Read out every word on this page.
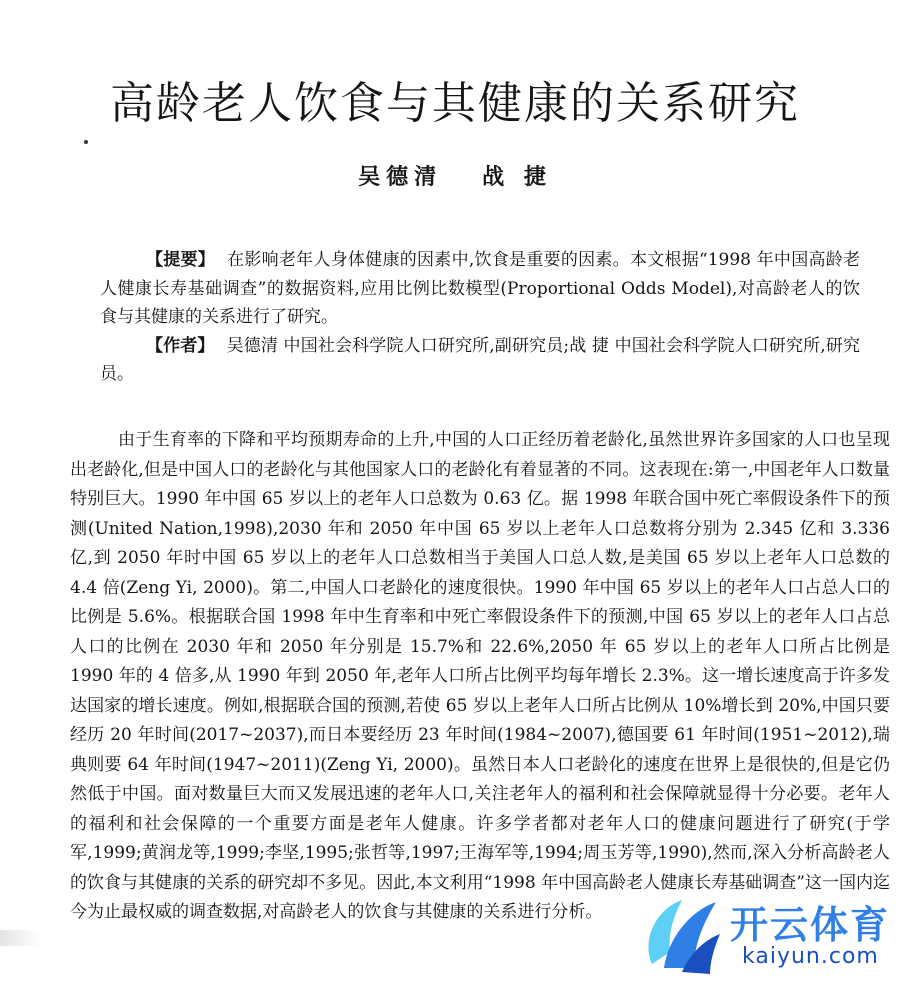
高龄老人饮食与其健康的关系研究
吴德清 战 捷

【提要】 在影响老年人身体健康的因素中,饮食是重要的因素。本文根据“1998 年中国高龄老人健康长寿基础调查”的数据资料,应用比例比数模型(Proportional Odds Model),对高龄老人的饮食与其健康的关系进行了研究。

【作者】 吴德清 中国社会科学院人口研究所,副研究员;战 捷 中国社会科学院人口研究所,研究员。

由于生育率的下降和平均预期寿命的上升,中国的人口正经历着老龄化,虽然世界许多国家的人口也呈现出老龄化,但是中国人口的老龄化与其他国家人口的老龄化有着显著的不同。这表现在:第一,中国老年人口数量特别巨大。1990 年中国 65 岁以上的老年人口总数为 0.63 亿。据 1998 年联合国中死亡率假设条件下的预测(United Nation,1998),2030 年和 2050 年中国 65 岁以上老年人口总数将分别为 2.345 亿和 3.336 亿,到 2050 年时中国 65 岁以上的老年人口总数相当于美国人口总人数,是美国 65 岁以上老年人口总数的 4.4 倍(Zeng Yi, 2000)。第二,中国人口老龄化的速度很快。1990 年中国 65 岁以上的老年人口占总人口的比例是 5.6%。根据联合国 1998 年中生育率和中死亡率假设条件下的预测,中国 65 岁以上的老年人口占总人口的比例在 2030 年和 2050 年分别是 15.7%和 22.6%,2050 年 65 岁以上的老年人口所占比例是 1990 年的 4 倍多,从 1990 年到 2050 年,老年人口所占比例平均每年增长 2.3%。这一增长速度高于许多发达国家的增长速度。例如,根据联合国的预测,若使 65 岁以上老年人口所占比例从 10%增长到 20%,中国只要经历 20 年时间(2017~2037),而日本要经历 23 年时间(1984~2007),德国要 61 年时间(1951~2012),瑞典则要 64 年时间(1947~2011)(Zeng Yi, 2000)。虽然日本人口老龄化的速度在世界上是很快的,但是它仍然低于中国。面对数量巨大而又发展迅速的老年人口,关注老年人的福利和社会保障就显得十分必要。老年人的福利和社会保障的一个重要方面是老年人健康。许多学者都对老年人口的健康问题进行了研究(于学军,1999;黄润龙等,1999;李坚,1995;张哲等,1997;王海军等,1994;周玉芳等,1990),然而,深入分析高龄老人的饮食与其健康的关系的研究却不多见。因此,本文利用“1998 年中国高龄老人健康长寿基础调查”这一国内迄今为止最权威的调查数据,对高龄老人的饮食与其健康的关系进行分析。	开云体育
kaiyun.com
